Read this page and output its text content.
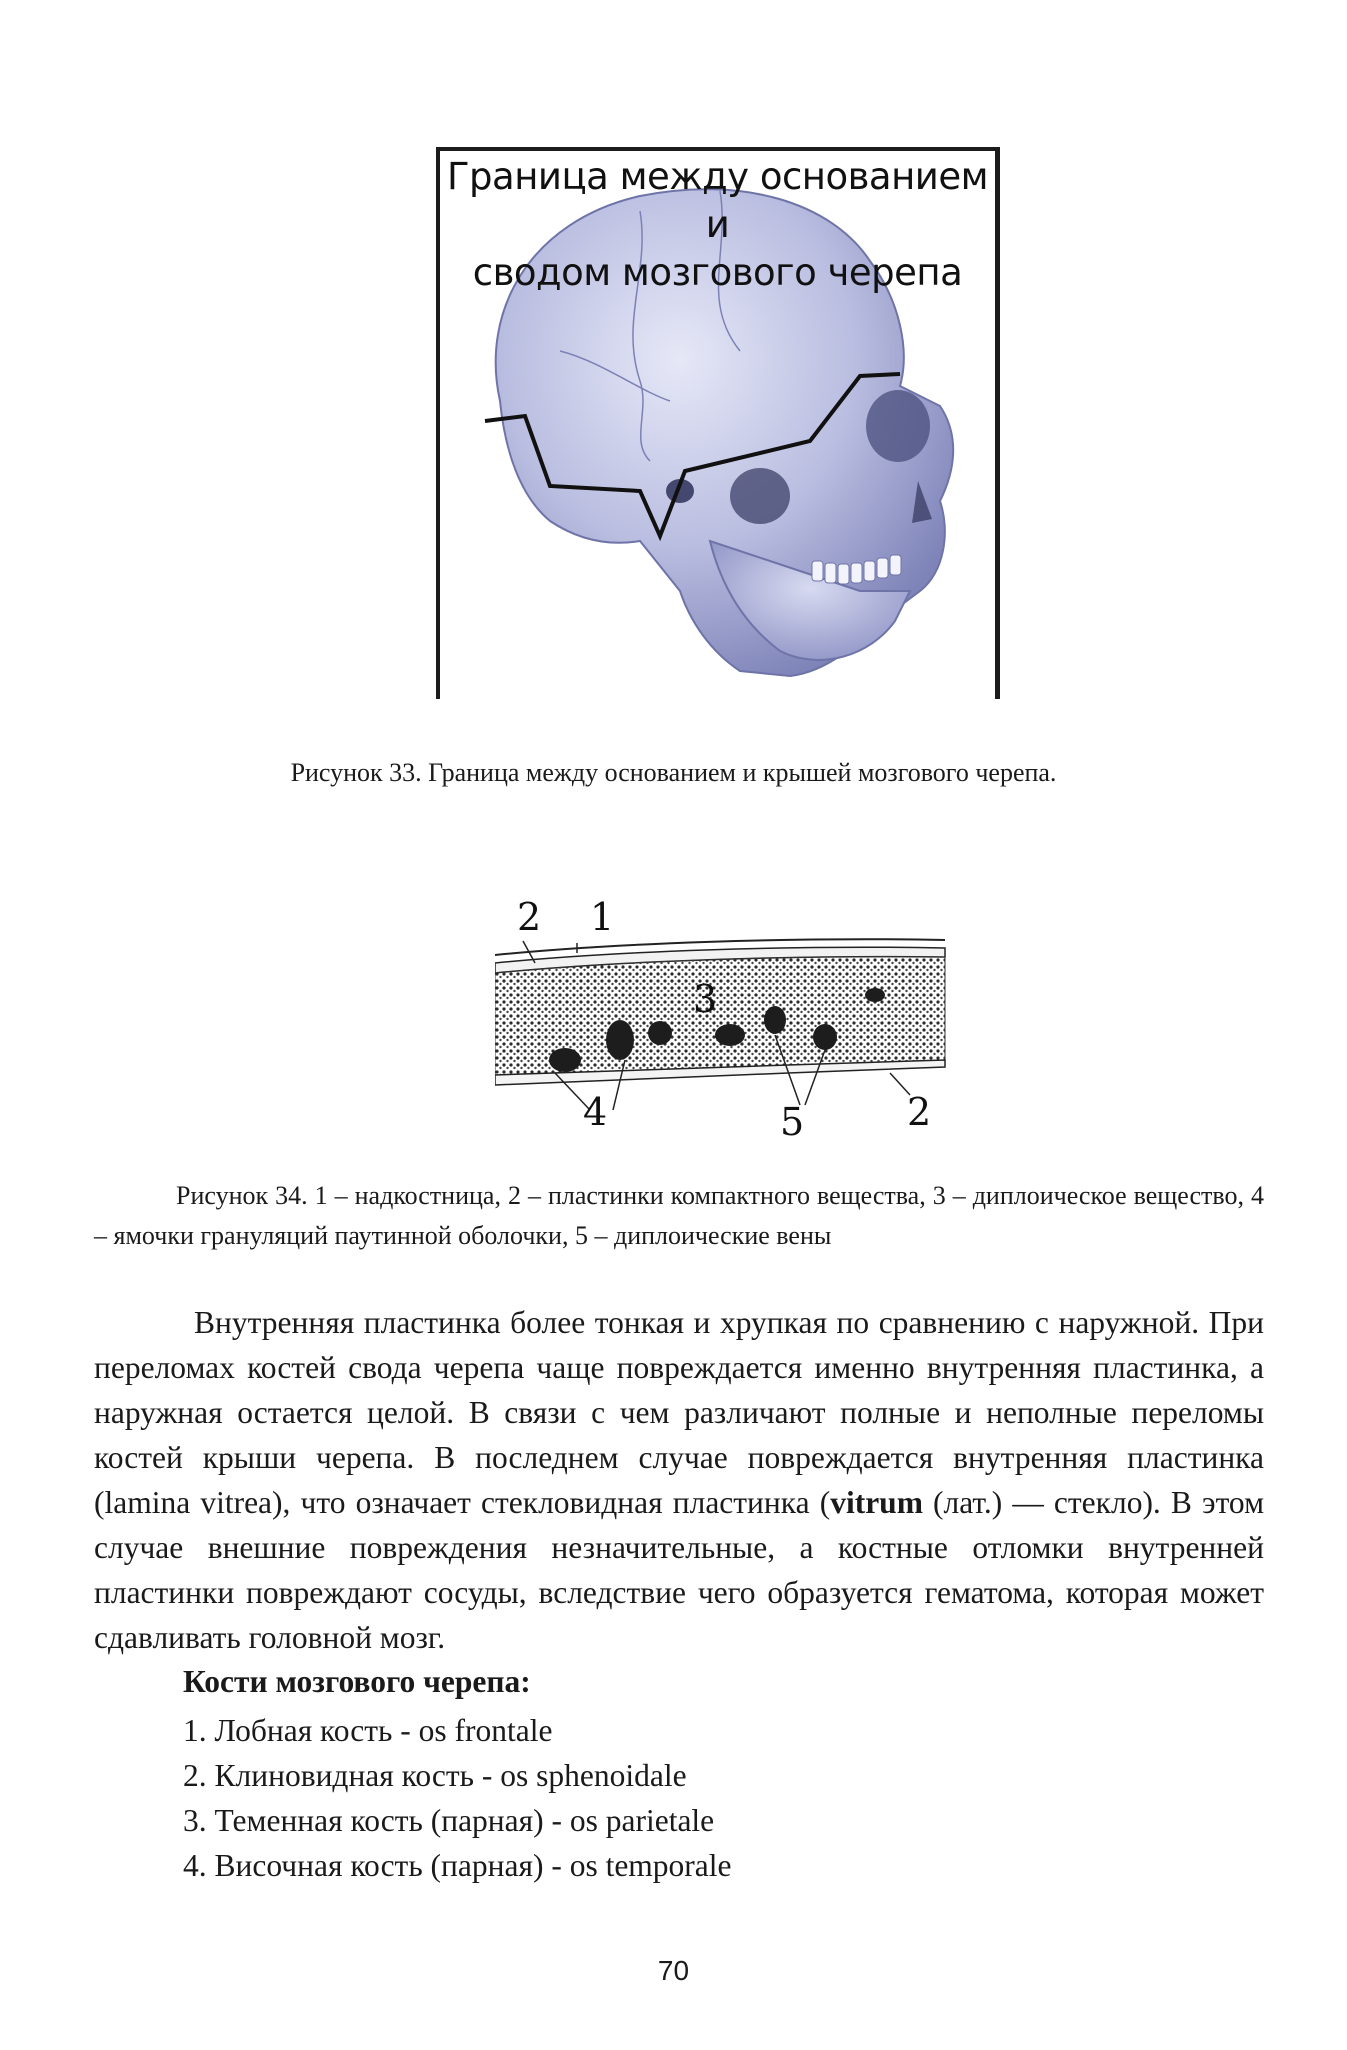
Граница между основанием и
сводом мозгового черепа
Рисунок 33. Граница между основанием и крышей мозгового черепа.
2 1
3
4	5	2
Рисунок 34. 1 – надкостница, 2 – пластинки компактного вещества, 3 – диплоическое вещество, 4 – ямочки грануляций паутинной оболочки, 5 – диплоические вены

Внутренняя пластинка более тонкая и хрупкая по сравнению с наружной. При переломах костей свода черепа чаще повреждается именно внутренняя пластинка, а наружная остается целой. В связи с чем различают полные и неполные переломы костей крыши черепа. В последнем случае повреждается внутренняя пластинка (lamina vitrea), что означает стекловидная пластинка (vitrum (лат.) — стекло). В этом случае внешние повреждения незначительные, а костные отломки внутренней пластинки повреждают сосуды, вследствие чего образуется гематома, которая может сдавливать головной мозг.

Кости мозгового черепа:
1. Лобная кость - os frontale
2. Клиновидная кость - os sphenoidale
3. Теменная кость (парная) - os parietale
4. Височная кость (парная) - os temporale
70
